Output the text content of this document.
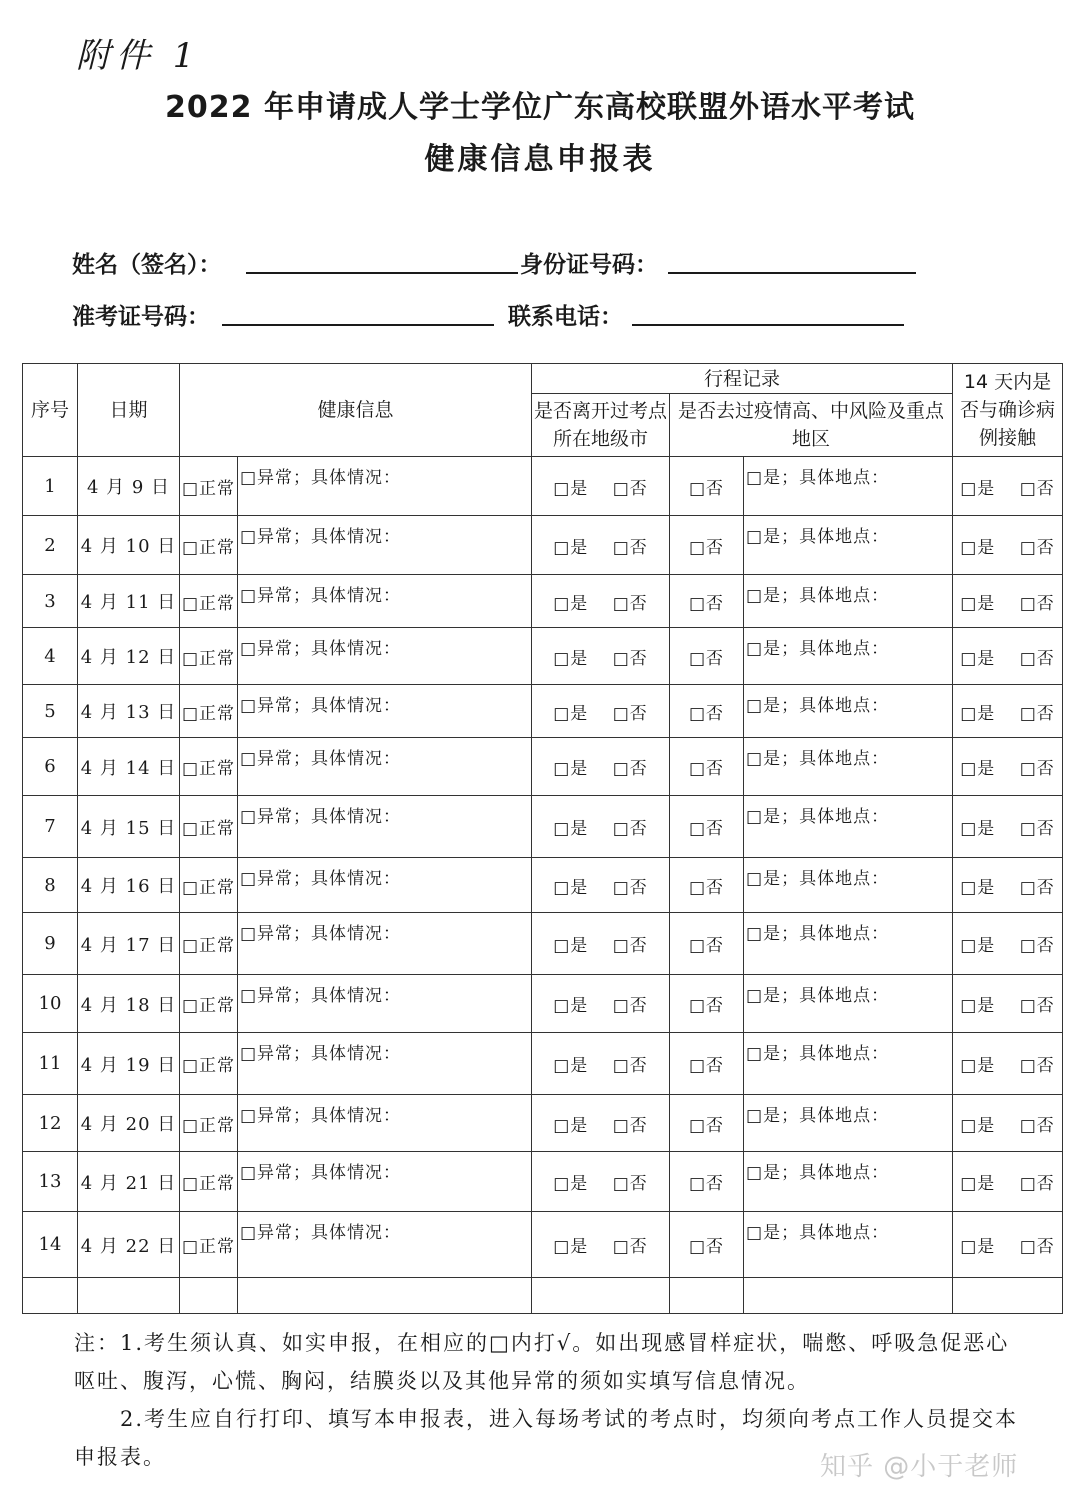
附件 1
2022 年申请成人学士学位广东高校联盟外语水平考试
健康信息申报表
姓名（签名）：	身份证号码：
准考证号码：	联系电话：
序号	日期	健康信息		行程记录			14 天内是否与确诊病例接触
				是否离开过考点所在地级市	是否去过疫情高、中风险及重点地区		
1	4 月 9 日	□正常	□异常；具体情况：	□是 □否	□否	□是；具体地点：	□是 □否
2	4 月 10 日	□正常	□异常；具体情况：	□是 □否	□否	□是；具体地点：	□是 □否
3	4 月 11 日	□正常	□异常；具体情况：	□是 □否	□否	□是；具体地点：	□是 □否
4	4 月 12 日	□正常	□异常；具体情况：	□是 □否	□否	□是；具体地点：	□是 □否
5	4 月 13 日	□正常	□异常；具体情况：	□是 □否	□否	□是；具体地点：	□是 □否
6	4 月 14 日	□正常	□异常；具体情况：	□是 □否	□否	□是；具体地点：	□是 □否
7	4 月 15 日	□正常	□异常；具体情况：	□是 □否	□否	□是；具体地点：	□是 □否
8	4 月 16 日	□正常	□异常；具体情况：	□是 □否	□否	□是；具体地点：	□是 □否
9	4 月 17 日	□正常	□异常；具体情况：	□是 □否	□否	□是；具体地点：	□是 □否
10	4 月 18 日	□正常	□异常；具体情况：	□是 □否	□否	□是；具体地点：	□是 □否
11	4 月 19 日	□正常	□异常；具体情况：	□是 □否	□否	□是；具体地点：	□是 □否
12	4 月 20 日	□正常	□异常；具体情况：	□是 □否	□否	□是；具体地点：	□是 □否
13	4 月 21 日	□正常	□异常；具体情况：	□是 □否	□否	□是；具体地点：	□是 □否
14	4 月 22 日	□正常	□异常；具体情况：	□是 □否	□否	□是；具体地点：	□是 □否

注：1.考生须认真、如实申报，在相应的□内打√。如出现感冒样症状，喘憋、呼吸急促恶心呕吐、腹泻，心慌、胸闷，结膜炎以及其他异常的须如实填写信息情况。

2.考生应自行打印、填写本申报表，进入每场考试的考点时，均须向考点工作人员提交本申报表。	知乎 @小于老师
